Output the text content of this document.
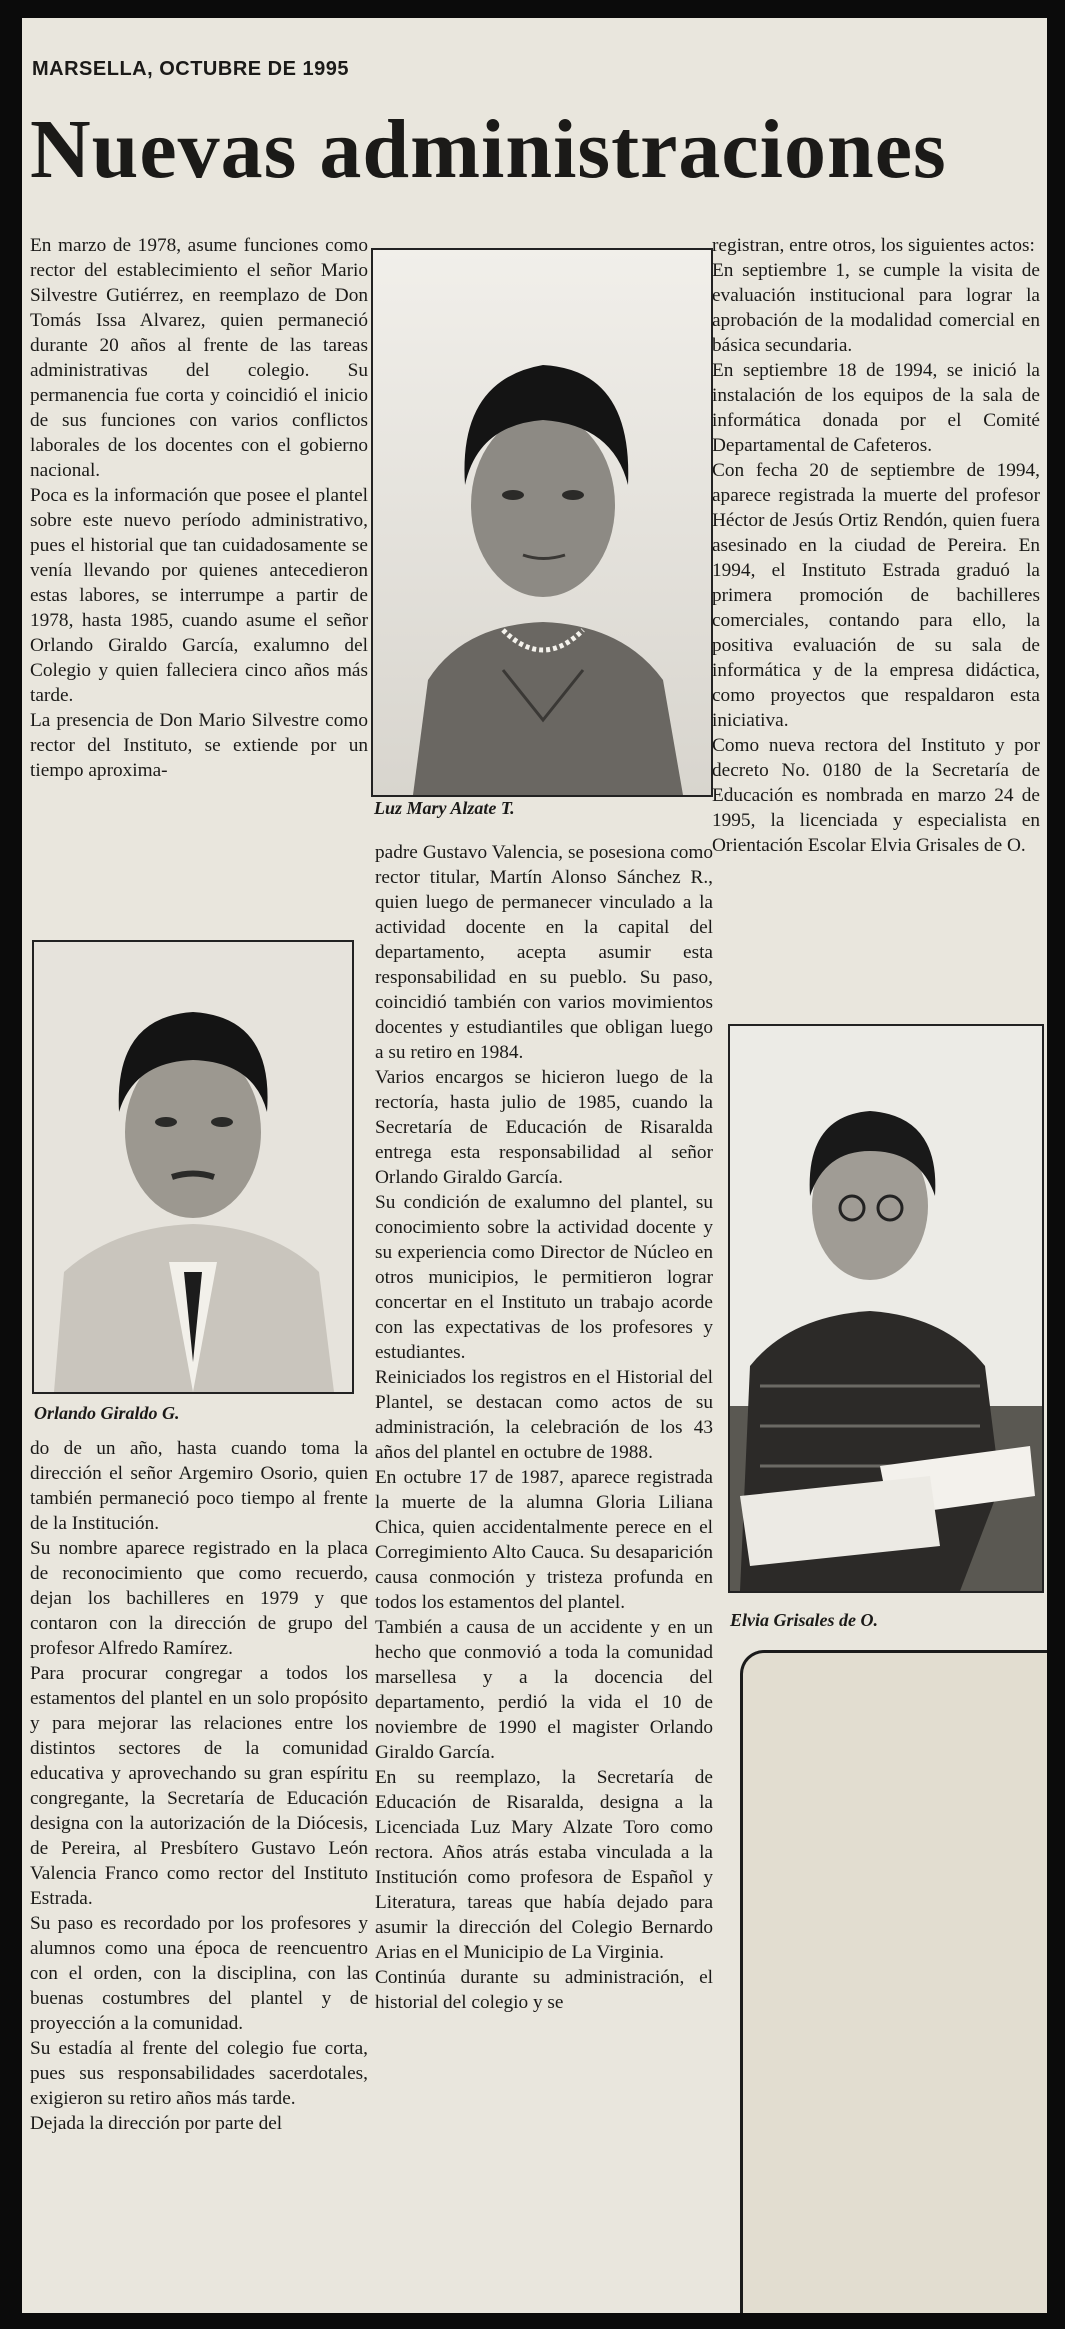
MARSELLA, OCTUBRE DE 1995
Nuevas administraciones

En marzo de 1978, asume funciones como rector del establecimiento el señor Mario Silvestre Gutiérrez, en reemplazo de Don Tomás Issa Alvarez, quien permaneció durante 20 años al frente de las tareas administrativas del colegio. Su permanencia fue corta y coincidió el inicio de sus funciones con varios conflictos laborales de los docentes con el gobierno nacional.

Poca es la información que posee el plantel sobre este nuevo período administrativo, pues el historial que tan cuidadosamente se venía llevando por quienes antecedieron estas labores, se interrumpe a partir de 1978, hasta 1985, cuando asume el señor Orlando Giraldo García, exalumno del Colegio y quien falleciera cinco años más tarde.

La presencia de Don Mario Silvestre como rector del Instituto, se extiende por un tiempo aproxima-

Luz Mary Alzate T.

registran, entre otros, los siguientes actos:

En septiembre 1, se cumple la visita de evaluación institucional para lograr la aprobación de la modalidad comercial en básica secundaria.

En septiembre 18 de 1994, se inició la instalación de los equipos de la sala de informática donada por el Comité Departamental de Cafeteros.

Con fecha 20 de septiembre de 1994, aparece registrada la muerte del profesor Héctor de Jesús Ortiz Rendón, quien fuera asesinado en la ciudad de Pereira. En 1994, el Instituto Estrada graduó la primera promoción de bachilleres comerciales, contando para ello, la positiva evaluación de su sala de informática y de la empresa didáctica, como proyectos que respaldaron esta iniciativa.

Como nueva rectora del Instituto y por decreto No. 0180 de la Secretaría de Educación es nombrada en marzo 24 de 1995, la licenciada y especialista en Orientación Escolar Elvia Grisales de O.

padre Gustavo Valencia, se posesiona como rector titular, Martín Alonso Sánchez R., quien luego de permanecer vinculado a la actividad docente en la capital del departamento, acepta asumir esta responsabilidad en su pueblo. Su paso, coincidió también con varios movimientos docentes y estudiantiles que obligan luego a su retiro en 1984.

Varios encargos se hicieron luego de la rectoría, hasta julio de 1985, cuando la Secretaría de Educación de Risaralda entrega esta responsabilidad al señor Orlando Giraldo García.

Su condición de exalumno del plantel, su conocimiento sobre la actividad docente y su experiencia como Director de Núcleo en otros municipios, le permitieron lograr concertar en el Instituto un trabajo acorde con las expectativas de los profesores y estudiantes.

Reiniciados los registros en el Historial del Plantel, se destacan como actos de su administración, la celebración de los 43 años del plantel en octubre de 1988.

En octubre 17 de 1987, aparece registrada la muerte de la alumna Gloria Liliana Chica, quien accidentalmente perece en el Corregimiento Alto Cauca. Su desaparición causa conmoción y tristeza profunda en todos los estamentos del plantel.

También a causa de un accidente y en un hecho que conmovió a toda la comunidad marsellesa y a la docencia del departamento, perdió la vida el 10 de noviembre de 1990 el magister Orlando Giraldo García.

En su reemplazo, la Secretaría de Educación de Risaralda, designa a la Licenciada Luz Mary Alzate Toro como rectora. Años atrás estaba vinculada a la Institución como profesora de Español y Literatura, tareas que había dejado para asumir la dirección del Colegio Bernardo Arias en el Municipio de La Virginia.

Continúa durante su administración, el historial del colegio y se

Orlando Giraldo G.

do de un año, hasta cuando toma la dirección el señor Argemiro Osorio, quien también permaneció poco tiempo al frente de la Institución.

Su nombre aparece registrado en la placa de reconocimiento que como recuerdo, dejan los bachilleres en 1979 y que contaron con la dirección de grupo del profesor Alfredo Ramírez.

Para procurar congregar a todos los estamentos del plantel en un solo propósito y para mejorar las relaciones entre los distintos sectores de la comunidad educativa y aprovechando su gran espíritu congregante, la Secretaría de Educación designa con la autorización de la Diócesis, de Pereira, al Presbítero Gustavo León Valencia Franco como rector del Instituto Estrada.

Su paso es recordado por los profesores y alumnos como una época de reencuentro con el orden, con la disciplina, con las buenas costumbres del plantel y de proyección a la comunidad.

Su estadía al frente del colegio fue corta, pues sus responsabilidades sacerdotales, exigieron su retiro años más tarde.

Dejada la dirección por parte del

Elvia Grisales de O.
